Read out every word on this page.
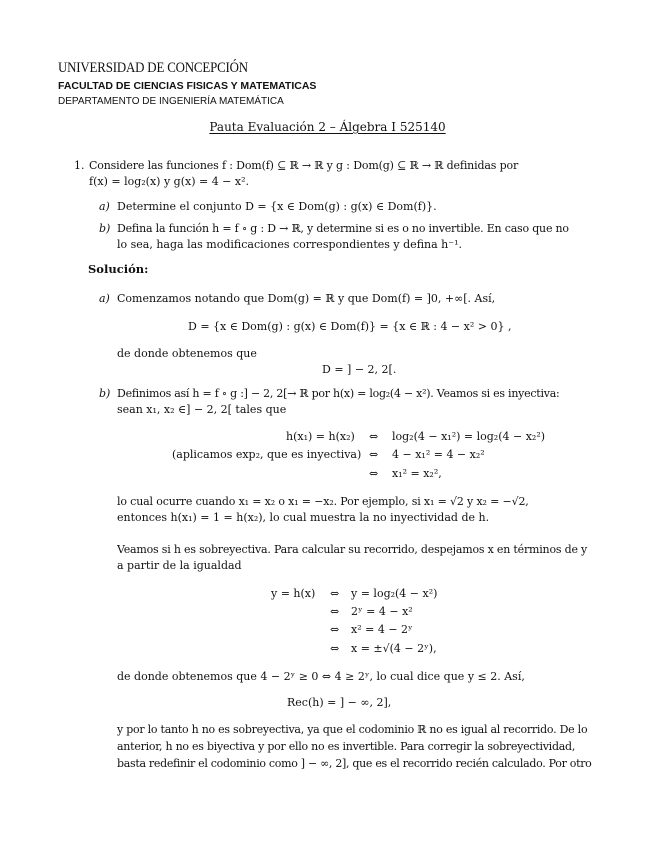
UNIVERSIDAD DE CONCEPCIÓN
FACULTAD DE CIENCIAS FISICAS Y MATEMATICAS
DEPARTAMENTO DE INGENIERÍA MATEMÁTICA
Pauta Evaluación 2 – Álgebra I 525140
1. Considere las funciones f : Dom(f) ⊆ ℝ → ℝ y g : Dom(g) ⊆ ℝ → ℝ definidas por
f(x) = log₂(x) y g(x) = 4 − x².
a) Determine el conjunto D = {x ∈ Dom(g) : g(x) ∈ Dom(f)}.
b) Defina la función h = f ∘ g : D → ℝ, y determine si es o no invertible. En caso que no
lo sea, haga las modificaciones correspondientes y defina h⁻¹.
Solución:
a) Comenzamos notando que Dom(g) = ℝ y que Dom(f) = ]0, +∞[. Así,
D = {x ∈ Dom(g) : g(x) ∈ Dom(f)} = {x ∈ ℝ : 4 − x² > 0} ,
de donde obtenemos que
D = ] − 2, 2[.
b) Definimos así h = f ∘ g :] − 2, 2[→ ℝ por h(x) = log₂(4 − x²). Veamos si es inyectiva:
sean x₁, x₂ ∈] − 2, 2[ tales que
h(x₁) = h(x₂) ⇔ log₂(4 − x₁²) = log₂(4 − x₂²)
(aplicamos exp₂, que es inyectiva) ⇔ 4 − x₁² = 4 − x₂²
⇔ x₁² = x₂²,
lo cual ocurre cuando x₁ = x₂ o x₁ = −x₂. Por ejemplo, si x₁ = √2 y x₂ = −√2,
entonces h(x₁) = 1 = h(x₂), lo cual muestra la no inyectividad de h.
Veamos si h es sobreyectiva. Para calcular su recorrido, despejamos x en términos de y
a partir de la igualdad
y = h(x) ⇔ y = log₂(4 − x²)
⇔ 2ʸ = 4 − x²
⇔ x² = 4 − 2ʸ
⇔ x = ±√(4 − 2ʸ),
de donde obtenemos que 4 − 2ʸ ≥ 0 ⇔ 4 ≥ 2ʸ, lo cual dice que y ≤ 2. Así,
Rec(h) = ] − ∞, 2],
y por lo tanto h no es sobreyectiva, ya que el codominio ℝ no es igual al recorrido. De lo
anterior, h no es biyectiva y por ello no es invertible. Para corregir la sobreyectividad,
basta redefinir el codominio como ] − ∞, 2], que es el recorrido recién calculado. Por otro
